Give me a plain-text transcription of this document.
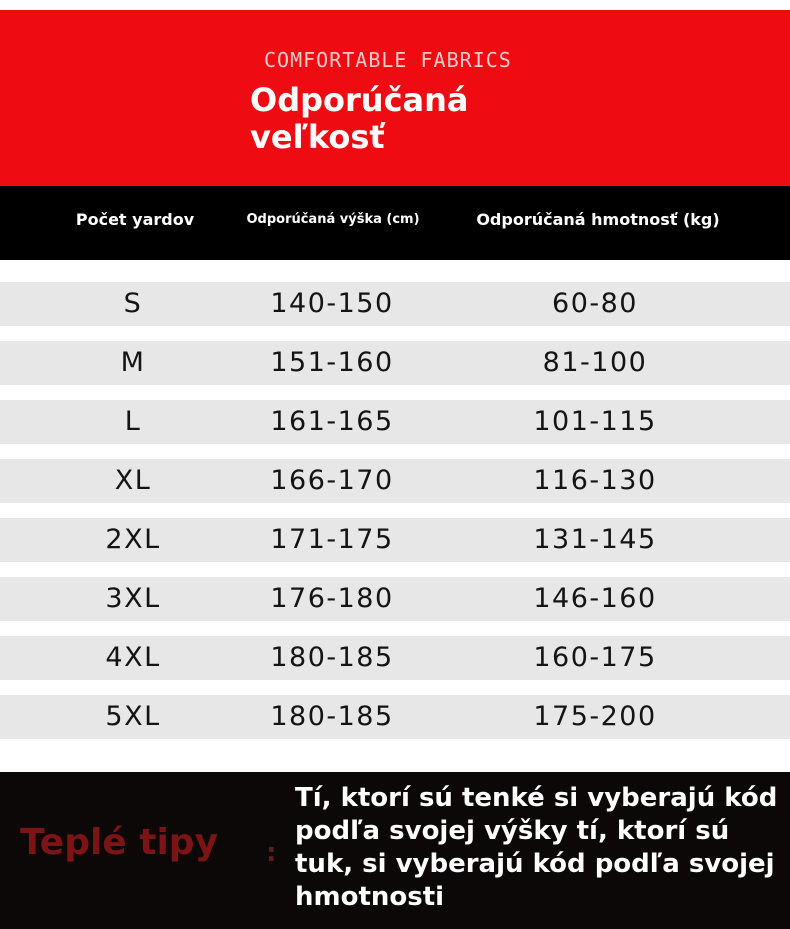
COMFORTABLE FABRICS
Odporúčaná veľkosť
Počet yardov	Odporúčaná výška (cm)	Odporúčaná hmotnosť (kg)
S	140-150	60-80
M	151-160	81-100
L	161-165	101-115
XL	166-170	116-130
2XL	171-175	131-145
3XL	176-180	146-160
4XL	180-185	160-175
5XL	180-185	175-200
Teplé tipy :
Tí, ktorí sú tenké si vyberajú kód podľa svojej výšky tí, ktorí sú tuk, si vyberajú kód podľa svojej hmotnosti
